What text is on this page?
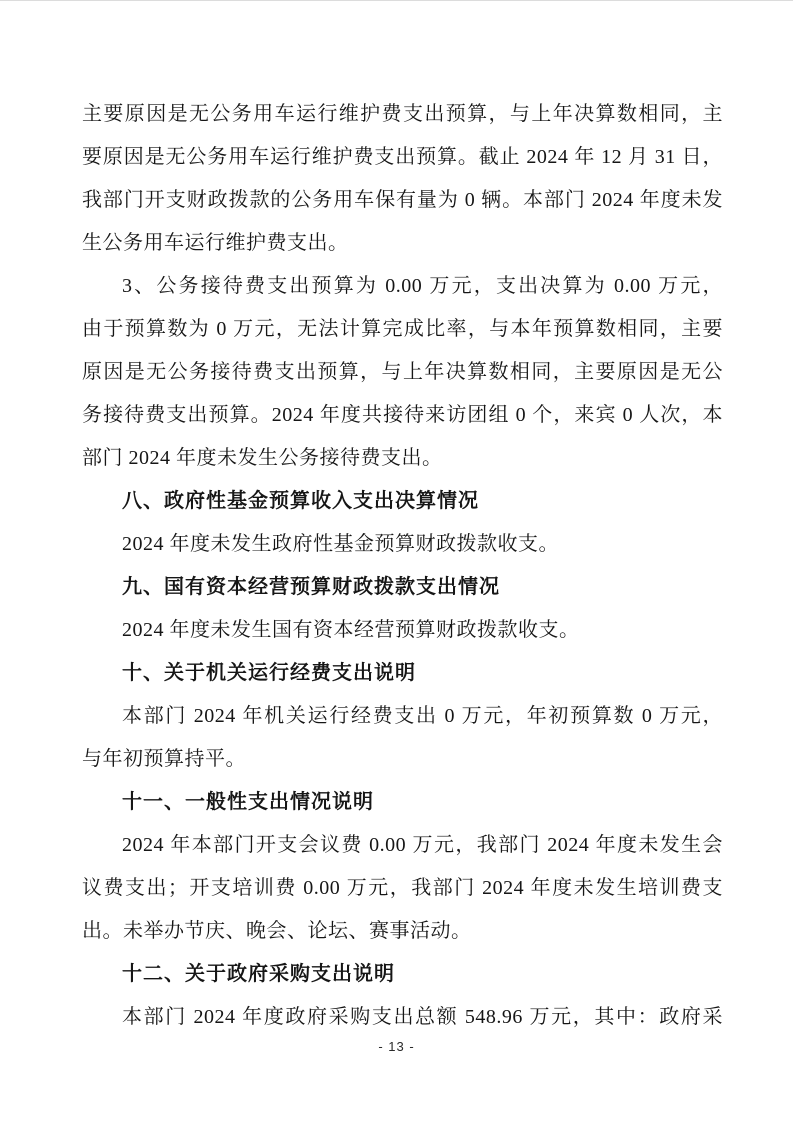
主要原因是无公务用车运行维护费支出预算，与上年决算数相同，主
要原因是无公务用车运行维护费支出预算。截止 2024 年 12 月 31 日，
我部门开支财政拨款的公务用车保有量为 0 辆。本部门 2024 年度未发
生公务用车运行维护费支出。
3、公务接待费支出预算为 0.00 万元，支出决算为 0.00 万元，
由于预算数为 0 万元，无法计算完成比率，与本年预算数相同，主要
原因是无公务接待费支出预算，与上年决算数相同，主要原因是无公
务接待费支出预算。2024 年度共接待来访团组 0 个，来宾 0 人次，本
部门 2024 年度未发生公务接待费支出。
八、政府性基金预算收入支出决算情况
2024 年度未发生政府性基金预算财政拨款收支。
九、国有资本经营预算财政拨款支出情况
2024 年度未发生国有资本经营预算财政拨款收支。
十、关于机关运行经费支出说明
本部门 2024 年机关运行经费支出 0 万元，年初预算数 0 万元，
与年初预算持平。
十一、一般性支出情况说明
2024 年本部门开支会议费 0.00 万元，我部门 2024 年度未发生会
议费支出；开支培训费 0.00 万元，我部门 2024 年度未发生培训费支
出。未举办节庆、晚会、论坛、赛事活动。
十二、关于政府采购支出说明
本部门 2024 年度政府采购支出总额 548.96 万元，其中：政府采
- 13 -
